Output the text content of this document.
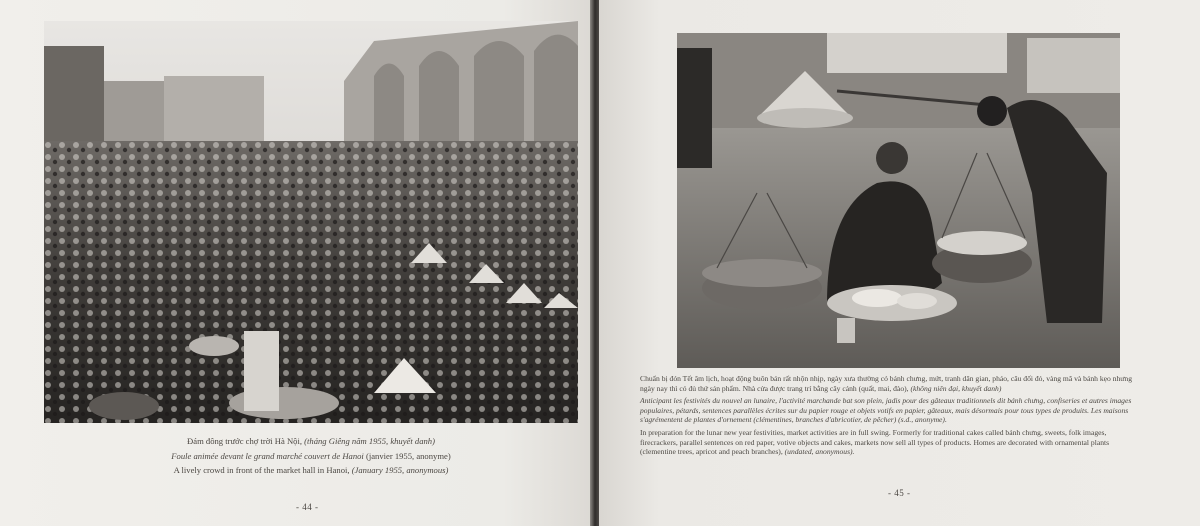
Đám đông trước chợ trời Hà Nội, (tháng Giêng năm 1955, khuyết danh)
Foule animée devant le grand marché couvert de Hanoi (janvier 1955, anonyme)
A lively crowd in front of the market hall in Hanoi, (January 1955, anonymous)
- 44 -
Chuẩn bị đón Tết âm lịch, hoạt động buôn bán rất nhộn nhịp, ngày xưa thường có bánh chưng, mứt, tranh dân gian, pháo, câu đối đỏ, vàng mã và bánh kẹo nhưng ngày nay thì có đủ thứ sản phẩm. Nhà cửa được trang trí bằng cây cảnh (quất, mai, đào), (không niên đại, khuyết danh)
Anticipant les festivités du nouvel an lunaire, l'activité marchande bat son plein, jadis pour des gâteaux traditionnels dit bánh chưng, confiseries et autres images populaires, pétards, sentences parallèles écrites sur du papier rouge et objets votifs en papier, gâteaux, mais désormais pour tous types de produits. Les maisons s'agrémentent de plantes d'ornement (clémentines, branches d'abricotier, de pêcher) (s.d., anonyme).
In preparation for the lunar new year festivities, market activities are in full swing. Formerly for traditional cakes called bánh chưng, sweets, folk images, firecrackers, parallel sentences on red paper, votive objects and cakes, markets now sell all types of products. Homes are decorated with ornamental plants (clementine trees, apricot and peach branches), (undated, anonymous).
- 45 -
